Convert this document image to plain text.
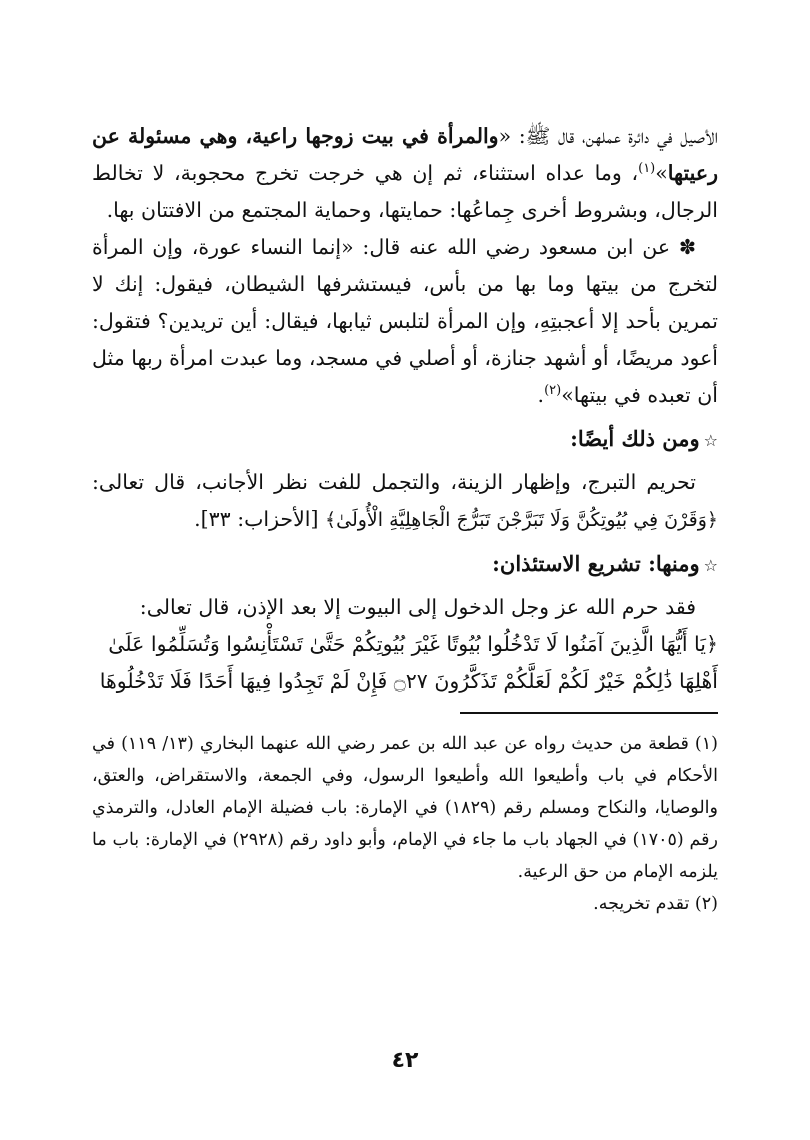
الأصيل في دائرة عملهن، قال ﷺ: «والمرأة في بيت زوجها راعية، وهي مسئولة عن رعيتها»$^{(١)}$، وما عداه استثناء، ثم إن هي خرجت تخرج محجوبة، لا تخالط الرجال، وبشروط أخرى جِماعُها: حمايتها، وحماية المجتمع من الافتتان بها.

✽ عن ابن مسعود رضي الله عنه قال: «إنما النساء عورة، وإن المرأة لتخرج من بيتها وما بها من بأس، فيستشرفها الشيطان، فيقول: إنك لا تمرين بأحد إلا أعجبتِهِ، وإن المرأة لتلبس ثيابها، فيقال: أين تريدين؟ فتقول: أعود مريضًا، أو أشهد جنازة، أو أصلي في مسجد، وما عبدت امرأة ربها مثل أن تعبده في بيتها»$^{(٢)}$.

☆ومن ذلك أيضًا:

تحريم التبرج، وإظهار الزينة، والتجمل للفت نظر الأجانب، قال تعالى: ﴿وَقَرْنَ فِي بُيُوتِكُنَّ وَلَا تَبَرَّجْنَ تَبَرُّجَ الْجَاهِلِيَّةِ الْأُولَىٰ﴾ [الأحزاب: ٣٣].

☆ومنها: تشريع الاستئذان:

فقد حرم الله عز وجل الدخول إلى البيوت إلا بعد الإذن، قال تعالى:

﴿يَا أَيُّهَا الَّذِينَ آمَنُوا لَا تَدْخُلُوا بُيُوتًا غَيْرَ بُيُوتِكُمْ حَتَّىٰ تَسْتَأْنِسُوا وَتُسَلِّمُوا عَلَىٰ

أَهْلِهَا ذَٰلِكُمْ خَيْرٌ لَكُمْ لَعَلَّكُمْ تَذَكَّرُونَ ۝٢٧ فَإِنْ لَمْ تَجِدُوا فِيهَا أَحَدًا فَلَا تَدْخُلُوهَا

(١) قطعة من حديث رواه عن عبد الله بن عمر رضي الله عنهما البخاري (١٣/ ١١٩) في الأحكام في باب وأطيعوا الله وأطيعوا الرسول، وفي الجمعة، والاستقراض، والعتق، والوصايا، والنكاح ومسلم رقم (١٨٢٩) في الإمارة: باب فضيلة الإمام العادل، والترمذي رقم (١٧٠٥) في الجهاد باب ما جاء في الإمام، وأبو داود رقم (٢٩٢٨) في الإمارة: باب ما يلزمه الإمام من حق الرعية.

(٢) تقدم تخريجه.

٤٢
